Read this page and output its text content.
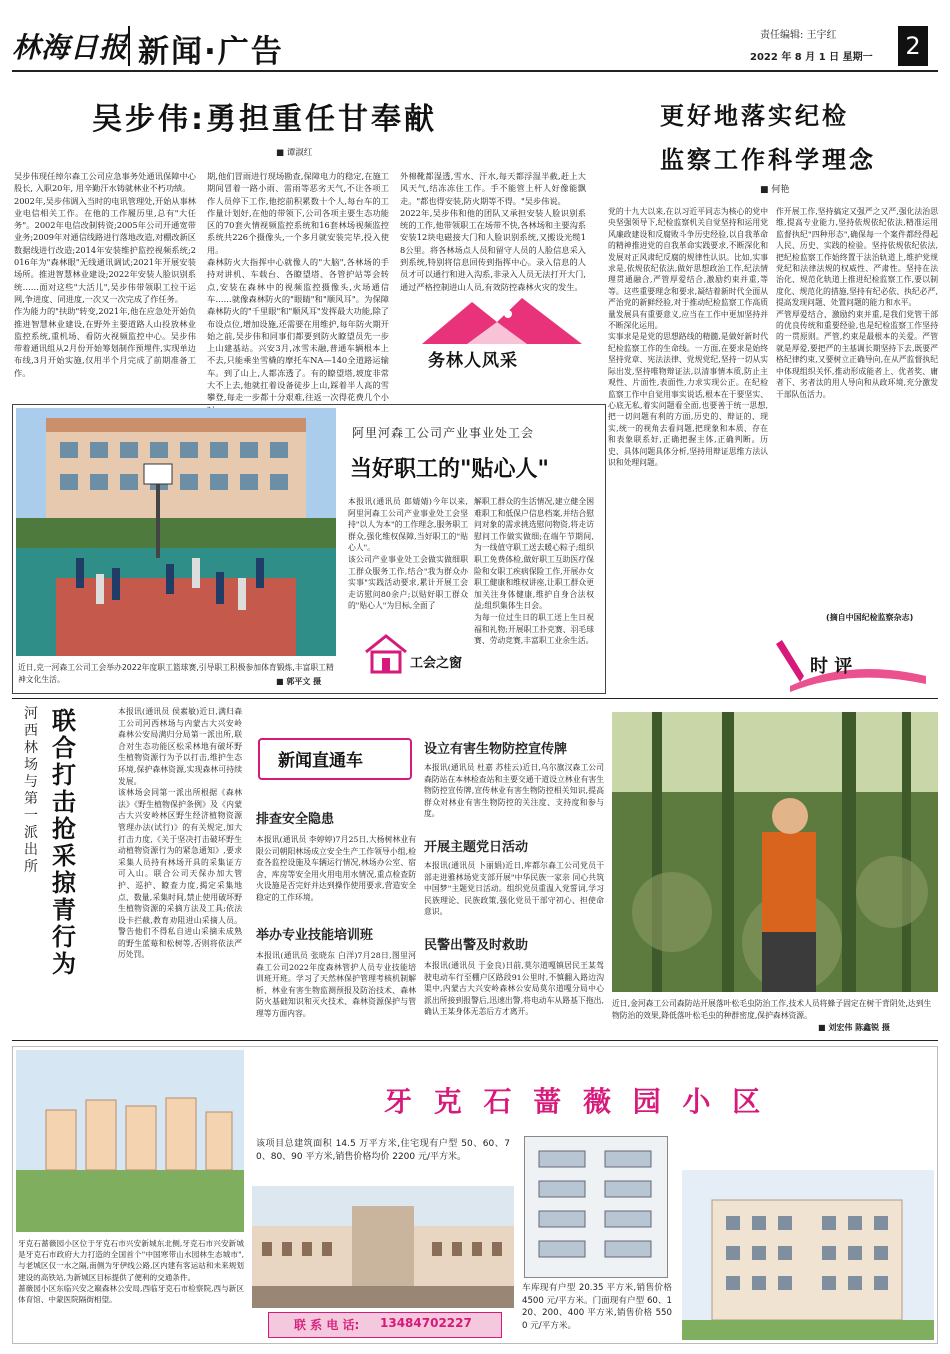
林海日报 新闻·广告	责任编辑: 王宇红
2022 年 8 月 1 日 星期一	2
吴步伟:勇担重任甘奉献
■ 谭淑红
吴步伟现任绰尔森工公司应急事务处通讯保障中心股长, 入职20年, 用辛勤汗水铸就林业不朽功绩。
2002年,吴步伟调入当时的电讯管理处,开始从事林业电信相关工作。在他的工作履历里,总有"大任务"。2002年电信改制转资;2005年公司开通宽带业务;2009年对通信线路进行落地改造,对棚改新区数据线进行改造;2014年安装维护监控视频系统;2016年为"森林眼"无线通讯调试;2021年开展安装场所。推进智慧林业建设;2022年安装人脸识别系统……面对这些"大活儿",吴步伟带领职工拉干运网,争进度、同进度,一次又一次完成了作任务。
作为能力的"扶助"转变,2021年,他在应急处开始负推进智慧林业建设,在野外主要道路人山投放林业监控系统,重机场、看防火视频监控中心。吴步伟带着通讯组从2月份开始筹划制作预埋件,实现单边布线,3月开始实施,仅用半个月完成了前期准备工作。
期,他们冒雨进行现场勘查,保障电力的稳定,在施工期间冒着一路小雨、雷雨等恶劣天气,不让各项工作人员停下工作,他挖前积累数十个人,每台车的工作量计划好,在他的带领下,公司各项主要生态功能区的70套火情视频监控系统和16套林场视频监控系统共226个摄像头,一个多月就安装完毕,投入使用。
森林防火大指挥中心就像人的"大脑",各林场的手持对讲机、车载台、各瞭望塔、各管护站等会转点,安装在森林中的视频监控摄像头,火场通信车……就像森林防火的"眼睛"和"顺风耳"。为保障森林防火的"千里眼"和"顺风耳"发挥最大功能,除了布设点位,增加设施,还需要在用维护,每年防火期开始之前,吴步伟和同事们都要到防火瞭望员先一步上山建基站。兴安3月,冰雪未融,普通车辆根本上不去,只能乘坐雪橇的摩托车NA—140全道路运输车。到了山上,人都冻透了。有的瞭望塔,坡度非常大不上去,他就扛着设备徒步上山,踩着半人高的雪攀登,每走一步都十分艰难,往返一次得花费几个小
外棉靴都湿透,雪水、汗水,每天都浮湿半截,赶上大风天气,结冻冻住工作。手不能管上杆人好像能飘走。"都也得安装,防火期等不得。"吴步伟说。
2022年,吴步伟和他的团队又承担安装人脸识别系统的工作,他带领职工在场带不快,各林场和主要沟系安装12块电磁接大门和人脸识别系统,又搬设光缆18公里。将各林场点人员和留守人员的人脸信息采入到系统,特别将信息回传到指挥中心。录入信息的人员才可以通行和进入沟系,非录入人员无法打开大门,通过严格控制进山人员,有效防控森林火灾的发生。
务林人风采
更好地落实纪检
监察工作科学理念
■ 何艳
党的十九大以来,在以习近平同志为核心的党中央坚强领导下,纪检监察机关自觉坚持和运用党风廉政建设和反腐败斗争历史经验,以自我革命的精神推进党的自我革命实践要求,不断深化和发展对正风肃纪反腐的规律性认识。比如,实事求是,依规依纪依法,做好思想政治工作,纪法情理贯通融合,严管厚爱结合,激励约束并重,等等。这些重要理念和要求,凝结着新时代全面从严治党的新鲜经验,对于推动纪检监察工作高质量发展具有重要意义,应当在工作中更加坚持并不断深化运用。
实事求是是党的思想路线的精髓,是做好新时代纪检监察工作的生命线。一方面,在要求是始终坚持党章、宪法法律、党规党纪,坚持一切从实际出发,坚持唯物辩证法,以清事情本质,防止主观性、片面性,表面性,力求实现公正。在纪检监察工作中自觉用事实说话,根本在于要坚实、心底无私,着实问题看全面,也要善于统一思想,把一切问题有利的方面,历史的、辩证的、现实,统一的视角去看问题,把现象和本质、存在和表象联系好,正确把握主体,正确判断。历史、具体问题具体分析,坚持用辩证思维方法认识和处理问题。
作开展工作,坚持搞定又强严之又严,强化法治思维,提高专业能力,坚持依规依纪依法,精准运用监督执纪"四种形态",确保每一个案件都经得起人民、历史、实践的检验。坚持依规依纪依法,把纪检监察工作始终置于法治轨道上,维护党规党纪和法律法规的权威性、严肃性。坚持在法治化、规范化轨道上推进纪检监察工作,要以制度化、规范化的措施,坚持有纪必依、执纪必严,提高发现问题、处置问题的能力和水平。
严管厚爱结合、激励约束并重,是我们党管干部的优良传统和重要经验,也是纪检监察工作坚持的一贯原则。严管,约束是最根本的关爱。严管就是厚爱,要把严的主基调长期坚持下去,既要严格纪律约束,又要树立正确导向,在从严监督执纪中体现组织关怀,推动形成能者上、优者奖、庸者下、劣者汰的用人导向和从政环境,充分激发干部队伍活力。
(摘自中国纪检监察杂志)
时 评
近日,克一河森工公司工会举办2022年度职工篮球赛,引导职工积极参加体育锻炼,丰富职工精神文化生活。	■ 郭平文 摄
阿里河森工公司产业事业处工会
当好职工的"贴心人"
本报讯(通讯员 郎婧婧)今年以来,阿里河森工公司产业事业处工会坚持"以人为本"的工作理念,服务职工群众,强化维权保障,当好职工的"贴心人"。
该公司产业事业处工会做实做细职工群众服务工作,结合"我为群众办实事"实践活动要求,累计开展工会走访慰问80余户;以贴好职工群众的"贴心人"为目标,全面了
解职工群众的生活情况,建立健全困难职工和低保户信息档案,并结合慰问对象的需求挑选慰问物资,将走访慰问工作做实做细;在端午节期间,为一线值守职工送去暖心粽子;组织职工免费体检,做好职工互助医疗保险和女职工疾病保险工作,开展办女职工健康和维权讲座,让职工群众更加关注身体健康,维护自身合法权益;组织集体生日会。
为每一位过生日的职工送上生日祝福和礼物;开展职工扑克赛、羽毛球赛、劳动竞赛,丰富职工业余生活。
工会之窗
河西林场与第一派出所
联合打击抢采掠青行为
本报讯(通讯员 侯素敏)近日,满归森工公司河西林场与内蒙古大兴安岭森林公安局满归分局第一派出所,联合对生态功能区松采林地有破坏野生植物资源行为予以打击,维护生态环境,保护森林资源,实现森林可持续发展。
该林场会同第一派出所根据《森林法》《野生植物保护条例》及《内蒙古大兴安岭林区野生经济植物资源管理办法(试行)》的有关规定,加大打击力度,《关于坚决打击破坏野生动植物资源行为的紧急通知》,要求采集人员持有林场开具的采集证方可入山。联合公司天保办加大管护、巡护、瞭查力度,揭定采集地点、数量,采集时间,禁止使用破坏野生植物资源的采摘方法及工具;依法设卡拦截,教育劝阻进山采摘人员。警告他们不得私自进山采摘未成熟的野生蓝莓和松树等,否则将依法严厉处罚。
新闻直通车
排查安全隐患
本报讯(通讯员 李婷婷)7月25日,大杨树林业有限公司朝阳林场成立安全生产工作领导小组,检查各监控设施及车辆运行情况,林场办公室、宿舍、库房等安全用火用电用水情况,重点检查防火设施是否完好并达到操作使用要求,营造安全稳定的工作环境。
举办专业技能培训班
本报讯(通讯员 张晓东 白洋)7月28日,图里河森工公司2022年度森林管护人员专业技能培训班开班。学习了天然林保护管理考核机制解析、林业有害生物监测预报及防治技术、森林防火基础知识和灭火技术、森林资源保护与管理等方面内容。
设立有害生物防控宣传牌
本报讯(通讯员 杜嘉 苏桂云)近日,乌尔旗汉森工公司森防站在本林检查站和主要交通干道设立林业有害生物防控宣传牌,宣传林业有害生物防控相关知识,提高群众对林业有害生物防控的关注度、支持度和参与度。
开展主题党日活动
本报讯(通讯员 卜丽娟)近日,库都尔森工公司党员干部走进雅林场党支部开展"中华民族一家亲 同心共筑中国梦"主题党日活动。组织党员重温入党誓词,学习民族理论、民族政策,强化党员干部守初心、担使命意识。
民警出警及时救助
本报讯(通讯员 于金良)日前,莫尔道嘎镇居民王某驾驶电动车行至棚户区路段91公里时,不慎翻入路边沟渠中,内蒙古大兴安岭森林公安局莫尔道嘎分局中心派出所接到报警后,迅速出警,将电动车从路基下拖出,确认王某身体无恙后方才离开。
近日,金河森工公司森防站开展落叶松毛虫防治工作,技术人员将蜂子固定在树干背阴处,达到生物防治的效果,降低落叶松毛虫的种群密度,保护森林资源。
■ 刘宏伟 陈鑫锐 摄
牙 克 石 蔷 薇 园 小 区
牙克石蔷薇园小区位于牙克石市兴安新城东北侧,牙克石市兴安新城是牙克石市政府大力打造的全国首个"中国寒带山水园林生态城市",与老城区仅一水之隔,南侧为牙伊线公路,区内建有客运站和未来规划建设的高铁站,为新城区目标提供了便利的交通条件。
蔷薇园小区东临兴安之巅森林公安局,西临牙克石市检察院,西与新区体育馆、中蒙医院隔街相望。
该项目总建筑面积 14.5 万平方米,住宅现有户型 50、60、70、80、90 平方米,销售价格均价 2200 元/平方米。
联 系 电 话: 13484702227
车库现有户型 20.35 平方米,销售价格 4500 元/平方米。门面现有户型 60、120、200、400 平方米,销售价格 5500 元/平方米。
